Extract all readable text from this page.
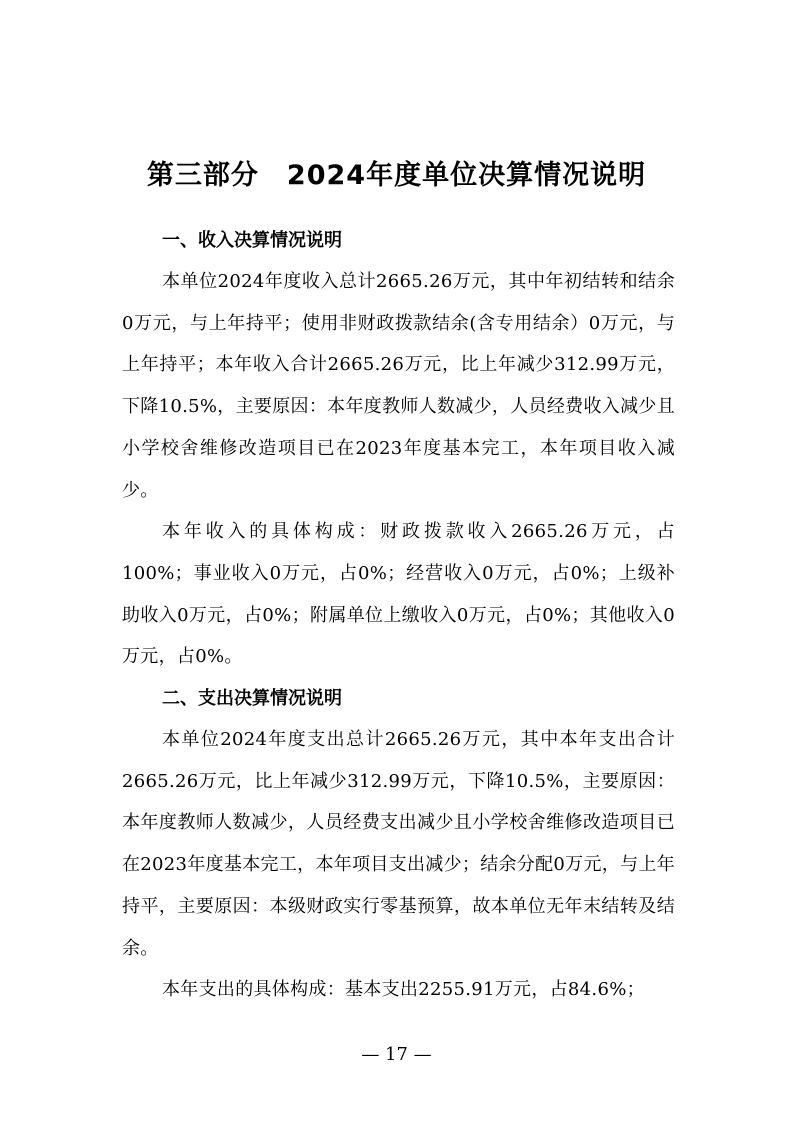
第三部分　2024年度单位决算情况说明
一、收入决算情况说明

本单位2024年度收入总计2665.26万元，其中年初结转和结余0万元，与上年持平；使用非财政拨款结余(含专用结余）0万元，与上年持平；本年收入合计2665.26万元，比上年减少312.99万元，下降10.5%，主要原因：本年度教师人数减少，人员经费收入减少且小学校舍维修改造项目已在2023年度基本完工，本年项目收入减少。

本年收入的具体构成：财政拨款收入2665.26万元，占100%；事业收入0万元，占0%；经营收入0万元，占0%；上级补助收入0万元，占0%；附属单位上缴收入0万元，占0%；其他收入0万元，占0%。

二、支出决算情况说明

本单位2024年度支出总计2665.26万元，其中本年支出合计2665.26万元，比上年减少312.99万元，下降10.5%，主要原因：本年度教师人数减少，人员经费支出减少且小学校舍维修改造项目已在2023年度基本完工，本年项目支出减少；结余分配0万元，与上年持平，主要原因：本级财政实行零基预算，故本单位无年末结转及结余。

本年支出的具体构成：基本支出2255.91万元，占84.6%；

— 17 —
